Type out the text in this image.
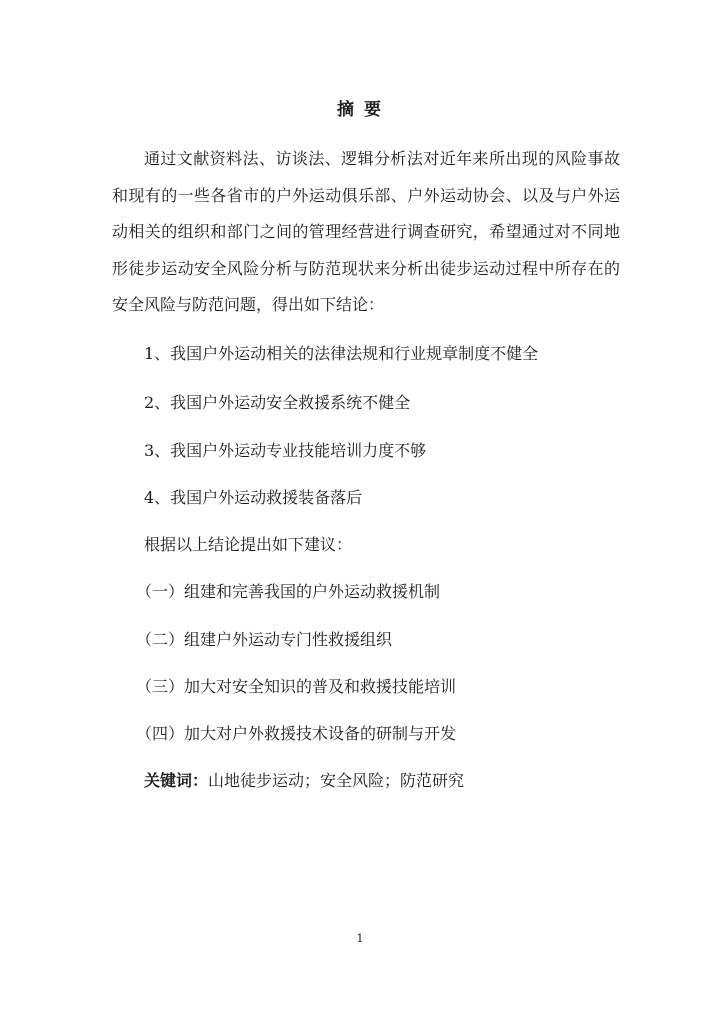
摘 要

通过文献资料法、访谈法、逻辑分析法对近年来所出现的风险事故和现有的一些各省市的户外运动俱乐部、户外运动协会、以及与户外运动相关的组织和部门之间的管理经营进行调查研究，希望通过对不同地形徒步运动安全风险分析与防范现状来分析出徒步运动过程中所存在的安全风险与防范问题，得出如下结论：

1、我国户外运动相关的法律法规和行业规章制度不健全

2、我国户外运动安全救援系统不健全

3、我国户外运动专业技能培训力度不够

4、我国户外运动救援装备落后

根据以上结论提出如下建议：

（一）组建和完善我国的户外运动救援机制

（二）组建户外运动专门性救援组织

（三）加大对安全知识的普及和救援技能培训

（四）加大对户外救援技术设备的研制与开发

关键词：山地徒步运动；安全风险；防范研究

1
